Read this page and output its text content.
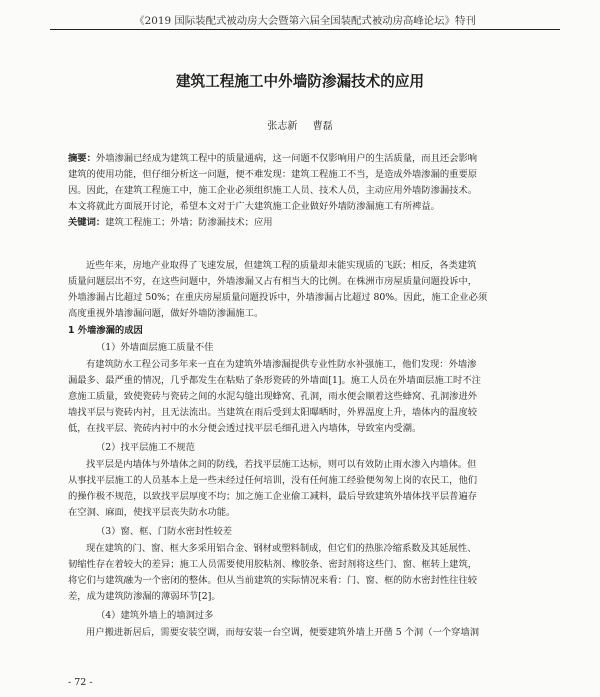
《2019 国际装配式被动房大会暨第六届全国装配式被动房高峰论坛》特刊
建筑工程施工中外墙防渗漏技术的应用
张志新 曹磊
摘要：外墙渗漏已经成为建筑工程中的质量通病，这一问题不仅影响用户的生活质量，而且还会影响
建筑的使用功能，但仔细分析这一问题，便不难发现：建筑工程施工不当，是造成外墙渗漏的重要原
因。因此，在建筑工程施工中，施工企业必须组织施工人员、技术人员，主动应用外墙防渗漏技术。
本文将就此方面展开讨论，希望本文对于广大建筑施工企业做好外墙防渗漏施工有所裨益。
关键词：建筑工程施工；外墙；防渗漏技术；应用
近些年来，房地产业取得了飞速发展，但建筑工程的质量却未能实现质的飞跃；相反，各类建筑
质量问题层出不穷，在这些问题中，外墙渗漏又占有相当大的比例。在株洲市房屋质量问题投诉中，
外墙渗漏占比超过 50%；在重庆房屋质量问题投诉中，外墙渗漏占比超过 80%。因此，施工企业必须
高度重视外墙渗漏问题，做好外墙防渗漏施工。
1 外墙渗漏的成因
（1）外墙面层施工质量不佳
有建筑防水工程公司多年来一直在为建筑外墙渗漏提供专业性防水补强施工，他们发现：外墙渗
漏最多、最严重的情况，几乎都发生在粘贴了条形瓷砖的外墙面[1]。施工人员在外墙面层施工时不注
意施工质量，致使瓷砖与瓷砖之间的水泥勾缝出现蜂窝、孔洞，雨水便会顺着这些蜂窝、孔洞渗进外
墙找平层与瓷砖内衬，且无法流出。当建筑在雨后受到太阳曝晒时，外界温度上升，墙体内的温度较
低，在找平层、瓷砖内衬中的水分便会透过找平层毛细孔进入内墙体，导致室内受潮。
（2）找平层施工不规范
找平层是内墙体与外墙体之间的防线，若找平层施工达标，则可以有效防止雨水渗入内墙体。但
从事找平层施工的人员基本上是一些未经过任何培训，没有任何施工经验便匆匆上岗的农民工，他们
的操作极不规范，以致找平层厚度不均；加之施工企业偷工减料，最后导致建筑外墙体找平层普遍存
在空洞、麻面，使找平层丧失防水功能。
（3）窗、框、门防水密封性较差
现在建筑的门、窗、框大多采用铝合金、钢材或塑料制成，但它们的热胀冷缩系数及其延展性、
韧缩性存在着较大的差异；施工人员需要使用胶粘剂、橡胶条、密封剂将这些门、窗、框转上建筑，
将它们与建筑融为一个密闭的整体。但从当前建筑的实际情况来看：门、窗、框的防水密封性往往较
差，成为建筑防渗漏的薄弱环节[2]。
（4）建筑外墙上的墙洞过多
用户搬进新居后，需要安装空调，而每安装一台空调，便要建筑外墙上开凿 5 个洞（一个穿墙洞
- 72 -
